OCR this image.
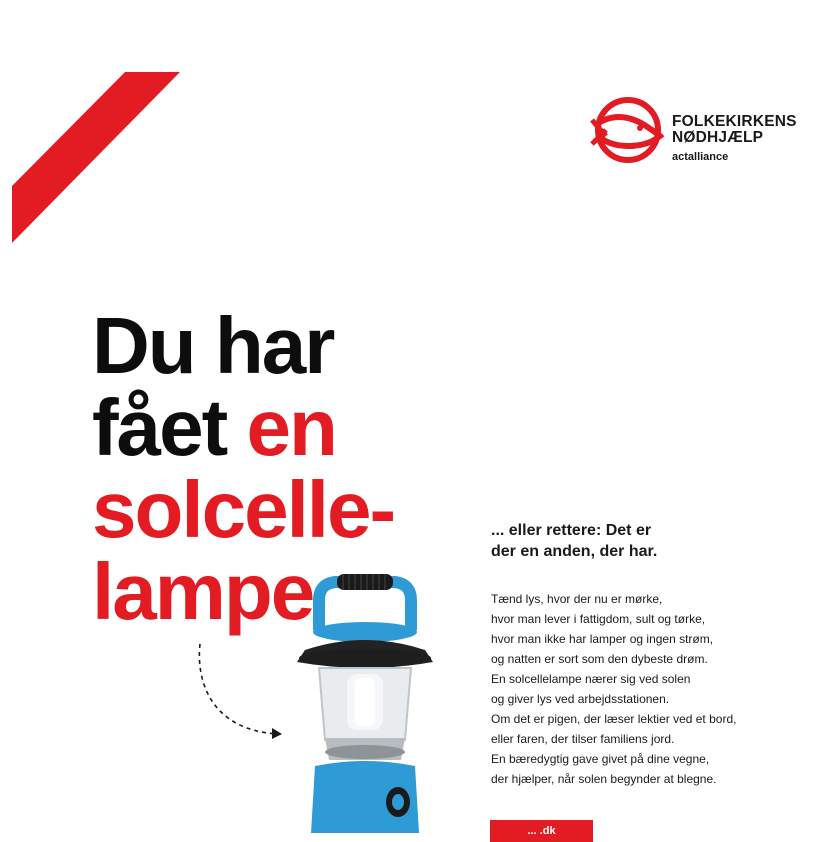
FOLKEKIRKENS
NØDHJÆLP
actalliance
Du har
fået en
solcelle-
lampe
... eller rettere: Det er
der en anden, der har.
Tænd lys, hvor der nu er mørke,
hvor man lever i fattigdom, sult og tørke,
hvor man ikke har lamper og ingen strøm,
og natten er sort som den dybeste drøm.
En solcellelampe nærer sig ved solen
og giver lys ved arbejdsstationen.
Om det er pigen, der læser lektier ved et bord,
eller faren, der tilser familiens jord.
En bæredygtig gave givet på dine vegne,
der hjælper, når solen begynder at blegne.
... .dk
